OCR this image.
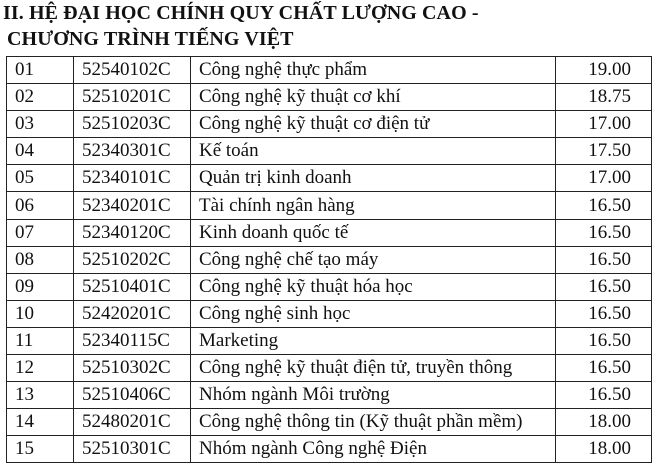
II. HỆ ĐẠI HỌC CHÍNH QUY CHẤT LƯỢNG CAO -
CHƯƠNG TRÌNH TIẾNG VIỆT
01	52540102C	Công nghệ thực phẩm	19.00
02	52510201C	Công nghệ kỹ thuật cơ khí	18.75
03	52510203C	Công nghệ kỹ thuật cơ điện tử	17.00
04	52340301C	Kế toán	17.50
05	52340101C	Quản trị kinh doanh	17.00
06	52340201C	Tài chính ngân hàng	16.50
07	52340120C	Kinh doanh quốc tế	16.50
08	52510202C	Công nghệ chế tạo máy	16.50
09	52510401C	Công nghệ kỹ thuật hóa học	16.50
10	52420201C	Công nghệ sinh học	16.50
11	52340115C	Marketing	16.50
12	52510302C	Công nghệ kỹ thuật điện tử, truyền thông	16.50
13	52510406C	Nhóm ngành Môi trường	16.50
14	52480201C	Công nghệ thông tin (Kỹ thuật phần mềm)	18.00
15	52510301C	Nhóm ngành Công nghệ Điện	18.00
